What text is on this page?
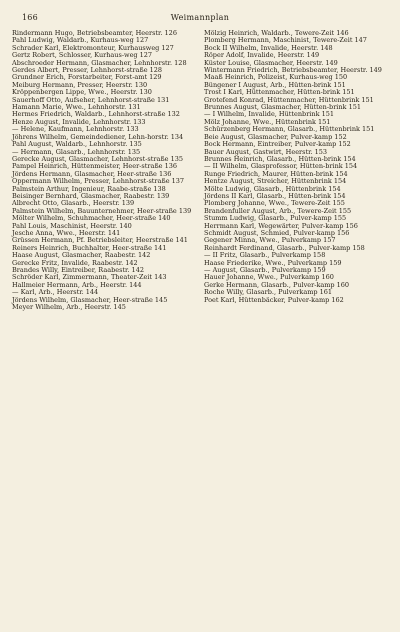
166	Weimannplan

Rindermann Hugo, Betriebsbeamter, Heerstr. 126

Pahl Ludwig, Waldarb., Kurhaus-weg 127

Schrader Karl, Elektromonteur, Kurhausweg 127

Gertz Robert, Schlosser, Kurhaus-weg 127

Abschroeder Hermann, Glasmacher, Lehnhorstr. 128

Gerdes Albert, Presser, Lehnhorst-straße 128

Grundner Erich, Forstarbeiter, Forst-amt 129

Meiburg Hermann, Presser, Heerstr. 130

Kröppenbergen Lippe, Wwe., Heerstr. 130

Sauerhoff Otto, Aufseher, Lehnhorst-straße 131

Hamann Marie, Wwe., Lehnhorstr. 131

Hermes Friedrich, Waldarb., Lehnhorst-straße 132

Henze August, Invalide, Lehnhorstr. 133

— Helene, Kaufmann, Lehnhorstr. 133

Jöhrens Wilhelm, Gemeindediener, Lehn-horstr. 134

Pahl August, Waldarb., Lehnhorstr. 135

— Hermann, Glasarb., Lehnhorstr. 135

Gerecke August, Glasmacher, Lehnhorst-straße 135

Pampel Heinrich, Hüttenmeister, Heer-straße 136

Jördens Hermann, Glasmacher, Heer-straße 136

Oppermann Wilhelm, Presser, Lehnhorst-straße 137

Palmstein Arthur, Ingenieur, Raabe-straße 138

Beisinger Bernhard, Glasmacher, Raabestr. 139

Albrecht Otto, Glasarb., Heerstr. 139

Palmstein Wilhelm, Bauunternehmer, Heer-straße 139

Mölter Wilhelm, Schuhmacher, Heer-straße 140

Pahl Louis, Maschinist, Heerstr. 140

Jesche Anna, Wwe., Heerstr. 141

Grüssen Hermann, Pf. Betriebsleiter, Heerstraße 141

Reiners Heinrich, Buchhalter, Heer-straße 141

Haase August, Glasmacher, Raabestr. 142

Gerecke Fritz, Invalide, Raabestr. 142

Brandes Willy, Eintreiber, Raabestr. 142

Schröder Karl, Zimmermann, Theater-Zeit 143

Hallmeier Hermann, Arb., Heerstr. 144

— Karl, Arb., Heerstr. 144

Jördens Wilhelm, Glasmacher, Heer-straße 145

Meyer Wilhelm, Arb., Heerstr. 145

Mölzig Heinrich, Waldarb., Tewere-Zeit 146

Plomberg Hermann, Maschinist, Tewere-Zeit 147

Bock II Wilhelm, Invalide, Heerstr. 148

Röper Adolf, Invalide, Heerstr. 149

Küster Louise, Glasmacher, Heerstr. 149

Wintermann Friedrich, Betriebsbeamter, Heerstr. 149

Maaß Heinrich, Polizeist, Kurhaus-weg 150

Büngener I August, Arb., Hütten-brink 151

Trost I Karl, Hüttenmacher, Hütten-brink 151

Grotefend Konrad, Hüttenmacher, Hüttenbrink 151

Brunnes August, Glasmacher, Hütten-brink 151

— I Wilhelm, Invalide, Hüttenbrink 151

Mölz Johanne, Wwe., Hüttenbrink 151

Schürzenberg Hermann, Glasarb., Hüttenbrink 151

Beie August, Glasmacher, Pulver-kamp 152

Bock Hermann, Eintreiber, Pulver-kamp 152

Bauer August, Gastwirt, Heerstr. 153

Brunnes Heinrich, Glasarb., Hütten-brink 154

— II Wilhelm, Glasprofessor, Hütten-brink 154

Runge Friedrich, Maurer, Hütten-brink 154

Hentze August, Streicher, Hüttenbrink 154

Mölte Ludwig, Glasarb., Hüttenbrink 154

Jördens II Karl, Glasarb., Hütten-brink 154

Plomberg Johanne, Wwe., Tewere-Zeit 155

Brandenfuller August, Arb., Tewere-Zeit 155

Stumm Ludwig, Glasarb., Pulver-kamp 155

Herrmann Karl, Wegewärter, Pulver-kamp 156

Schmidt August, Schmied, Pulver-kamp 156

Gegener Minna, Wwe., Pulverkamp 157

Reinhardt Ferdinand, Glasarb., Pulver-kamp 158

— II Fritz, Glasarb., Pulverkamp 158

Haase Friederike, Wwe., Pulverkamp 159

— August, Glasarb., Pulverkamp 159

Hauer Johanne, Wwe., Pulverkamp 160

Gerke Hermann, Glasarb., Pulver-kamp 160

Roche Willy, Glasarb., Pulverkamp 161

Poet Karl, Hüttenbäcker, Pulver-kamp 162
